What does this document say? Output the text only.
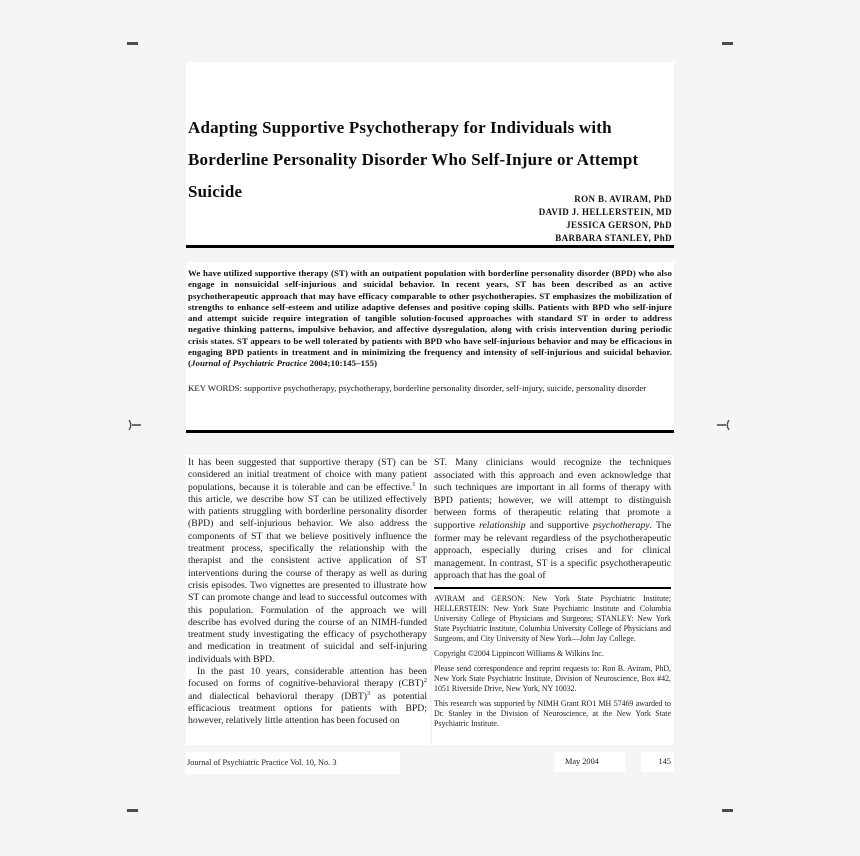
Adapting Supportive Psychotherapy for Individuals with Borderline Personality Disorder Who Self-Injure or Attempt Suicide	RON B. AVIRAM, PhD
DAVID J. HELLERSTEIN, MD
JESSICA GERSON, PhD
BARBARA STANLEY, PhD
We have utilized supportive therapy (ST) with an outpatient population with borderline personality disorder (BPD) who also engage in nonsuicidal self-injurious and suicidal behavior. In recent years, ST has been described as an active psychotherapeutic approach that may have efficacy comparable to other psychotherapies. ST emphasizes the mobilization of strengths to enhance self-esteem and utilize adaptive defenses and positive coping skills. Patients with BPD who self-injure and attempt suicide require integration of tangible solution-focused approaches with standard ST in order to address negative thinking patterns, impulsive behavior, and affective dysregulation, along with crisis intervention during periodic crisis states. ST appears to be well tolerated by patients with BPD who have self-injurious behavior and may be efficacious in engaging BPD patients in treatment and in minimizing the frequency and intensity of self-injurious and suicidal behavior. (Journal of Psychiatric Practice 2004;10:145–155)
KEY WORDS: supportive psychotherapy, psychotherapy, borderline personality disorder, self-injury, suicide, personality disorder

It has been suggested that supportive therapy (ST) can be considered an initial treatment of choice with many patient populations, because it is tolerable and can be effective.$^1$ In this article, we describe how ST can be utilized effectively with patients struggling with borderline personality disorder (BPD) and self-injurious behavior. We also address the components of ST that we believe positively influence the treatment process, specifically the relationship with the therapist and the consistent active application of ST interventions during the course of therapy as well as during crisis episodes. Two vignettes are presented to illustrate how ST can promote change and lead to successful outcomes with this population. Formulation of the approach we will describe has evolved during the course of an NIMH-funded treatment study investigating the efficacy of psychotherapy and medication in treatment of suicidal and self-injuring individuals with BPD.

In the past 10 years, considerable attention has been focused on forms of cognitive-behavioral therapy (CBT)$^2$ and dialectical behavioral therapy (DBT)$^3$ as potential efficacious treatment options for patients with BPD; however, relatively little attention has been focused on

ST. Many clinicians would recognize the techniques associated with this approach and even acknowledge that such techniques are important in all forms of therapy with BPD patients; however, we will attempt to distinguish between forms of therapeutic relating that promote a supportive relationship and supportive psychotherapy. The former may be relevant regardless of the psychotherapeutic approach, especially during crises and for clinical management. In contrast, ST is a specific psychotherapeutic approach that has the goal of

AVIRAM and GERSON: New York State Psychiatric Institute; HELLERSTEIN: New York State Psychiatric Institute and Columbia University College of Physicians and Surgeons; STANLEY: New York State Psychiatric Institute, Columbia University College of Physicians and Surgeons, and City University of New York—John Jay College.

Copyright ©2004 Lippincott Williams & Wilkins Inc.

Please send correspondence and reprint requests to: Ron B. Aviram, PhD, New York State Psychiatric Institute, Division of Neuroscience, Box #42, 1051 Riverside Drive, New York, NY 10032.

This research was supported by NIMH Grant RO1 MH 57469 awarded to Dr. Stanley in the Division of Neuroscience, at the New York State Psychiatric Institute.

Journal of Psychiatric Practice Vol. 10, No. 3	May 2004	145
